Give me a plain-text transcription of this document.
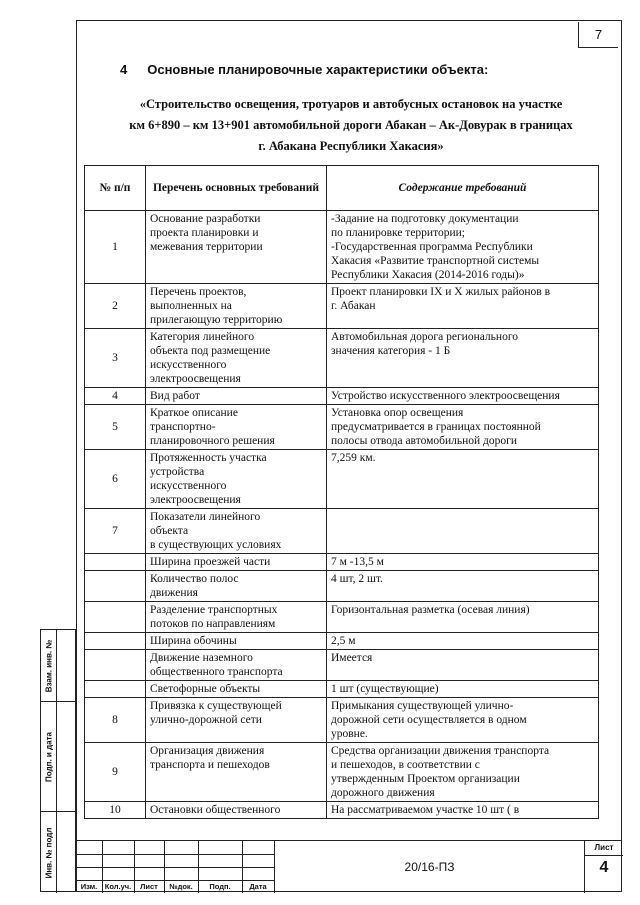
7
4 Основные планировочные характеристики объекта:
«Строительство освещения, тротуаров и автобусных остановок на участке
км 6+890 – км 13+901 автомобильной дороги Абакан – Ак-Довурак в границах
г. Абакана Республики Хакасия»
№ п/п	Перечень основных требований	Содержание требований
1	Основание разработки
проекта планировки и
межевания территории	-Задание на подготовку документации
по планировке территории;
-Государственная программа Республики
Хакасия «Развитие транспортной системы
Республики Хакасия (2014-2016 годы)»

2	Перечень проектов,
выполненных на
прилегающую территорию	Проект планировки IX и X жилых районов в
г. Абакан

3	Категория линейного
объекта под размещение
искусственного
электроосвещения	Автомобильная дорога регионального
значения категория - 1 Б

4	Вид работ	Устройство искусственного электроосвещения

5	Краткое описание
транспортно-
планировочного решения	Установка опор освещения
предусматривается в границах постоянной
полосы отвода автомобильной дороги

6	Протяженность участка
устройства
искусственного
электроосвещения	7,259 км.

7	Показатели линейного
объекта
в существующих условиях	

	Ширина проезжей части	7 м -13,5 м

	Количество полос
движения	4 шт, 2 шт.

	Разделение транспортных
потоков по направлениям	Горизонтальная разметка (осевая линия)

	Ширина обочины	2,5 м

	Движение наземного
общественного транспорта	Имеется

	Светофорные объекты	1 шт (существующие)

8	Привязка к существующей
улично-дорожной сети	Примыкания существующей улично-
дорожной сети осуществляется в одном
уровне.

9	Организация движения
транспорта и пешеходов	Средства организации движения транспорта
и пешеходов, в соответствии с
утвержденным Проектом организации
дорожного движения

10	Остановки общественного	На рассматриваемом участке 10 шт ( в
Взам. инв. №
Подп. и дата
Инв. № подл
Изм.	Кол.уч.	Лист	№док.	Подп.	Дата
20/16-ПЗ
Лист
4
